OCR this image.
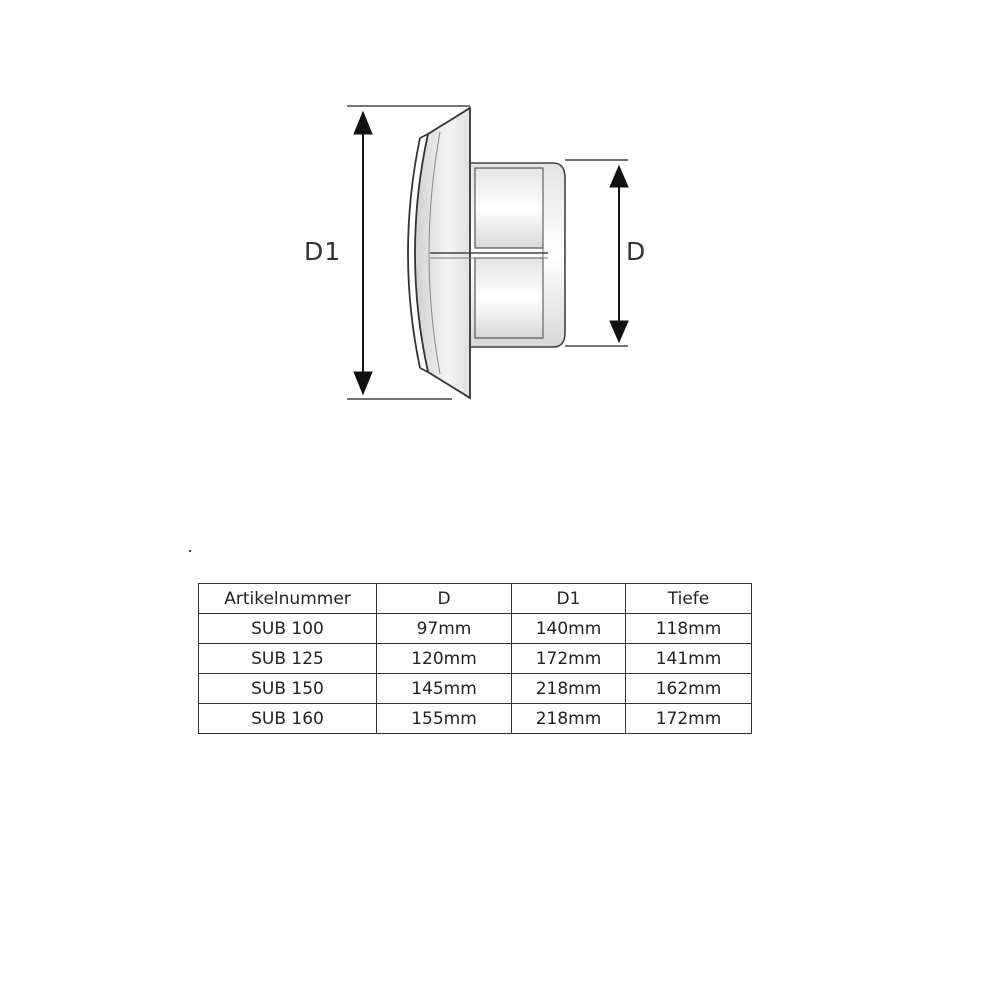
D1	D
Artikelnummer	D	D1	Tiefe
SUB 100	97mm	140mm	118mm
SUB 125	120mm	172mm	141mm
SUB 150	145mm	218mm	162mm
SUB 160	155mm	218mm	172mm
